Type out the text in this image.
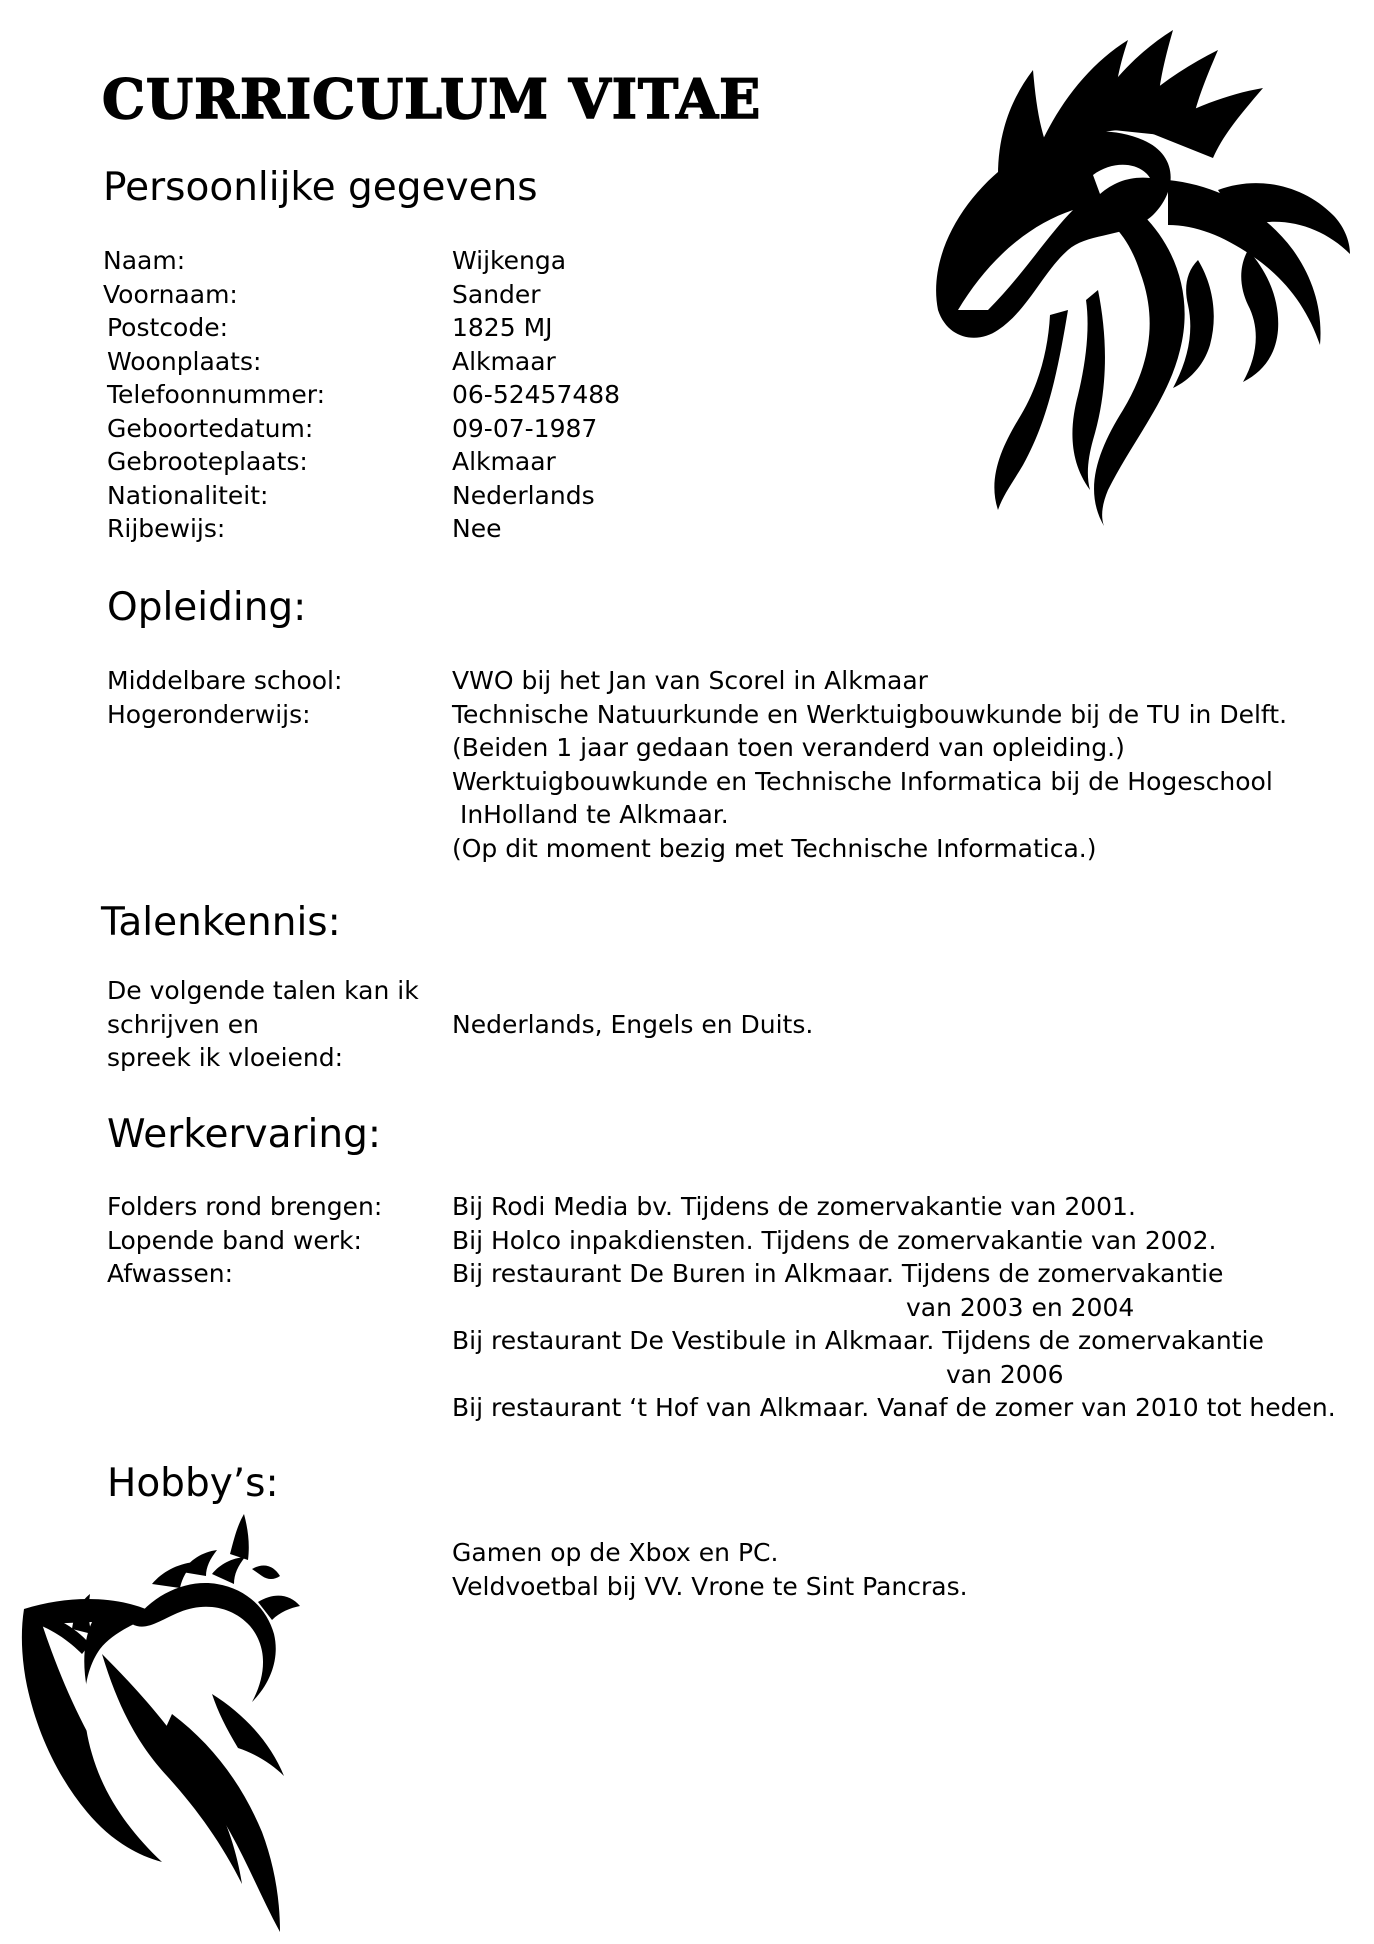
CURRICULUM VITAE
Persoonlijke gegevens
Naam:	Wijkenga
Voornaam:	Sander
Postcode:	1825 MJ
Woonplaats:	Alkmaar
Telefoonnummer:	06-52457488
Geboortedatum:	09-07-1987
Gebrooteplaats:	Alkmaar
Nationaliteit:	Nederlands
Rijbewijs:	Nee
Opleiding:
Middelbare school:	VWO bij het Jan van Scorel in Alkmaar
Hogeronderwijs:	Technische Natuurkunde en Werktuigbouwkunde bij de TU in Delft.
(Beiden 1 jaar gedaan toen veranderd van opleiding.)
Werktuigbouwkunde en Technische Informatica bij de Hogeschool
InHolland te Alkmaar.
(Op dit moment bezig met Technische Informatica.)
Talenkennis:
De volgende talen kan ik
schrijven en	Nederlands, Engels en Duits.
spreek ik vloeiend:
Werkervaring:
Folders rond brengen:	Bij Rodi Media bv. Tijdens de zomervakantie van 2001.
Lopende band werk:	Bij Holco inpakdiensten. Tijdens de zomervakantie van 2002.
Afwassen:	Bij restaurant De Buren in Alkmaar. Tijdens de zomervakantie
van 2003 en 2004
Bij restaurant De Vestibule in Alkmaar. Tijdens de zomervakantie
van 2006
Bij restaurant ‘t Hof van Alkmaar. Vanaf de zomer van 2010 tot heden.
Hobby’s:
Gamen op de Xbox en PC.
Veldvoetbal bij VV. Vrone te Sint Pancras.
